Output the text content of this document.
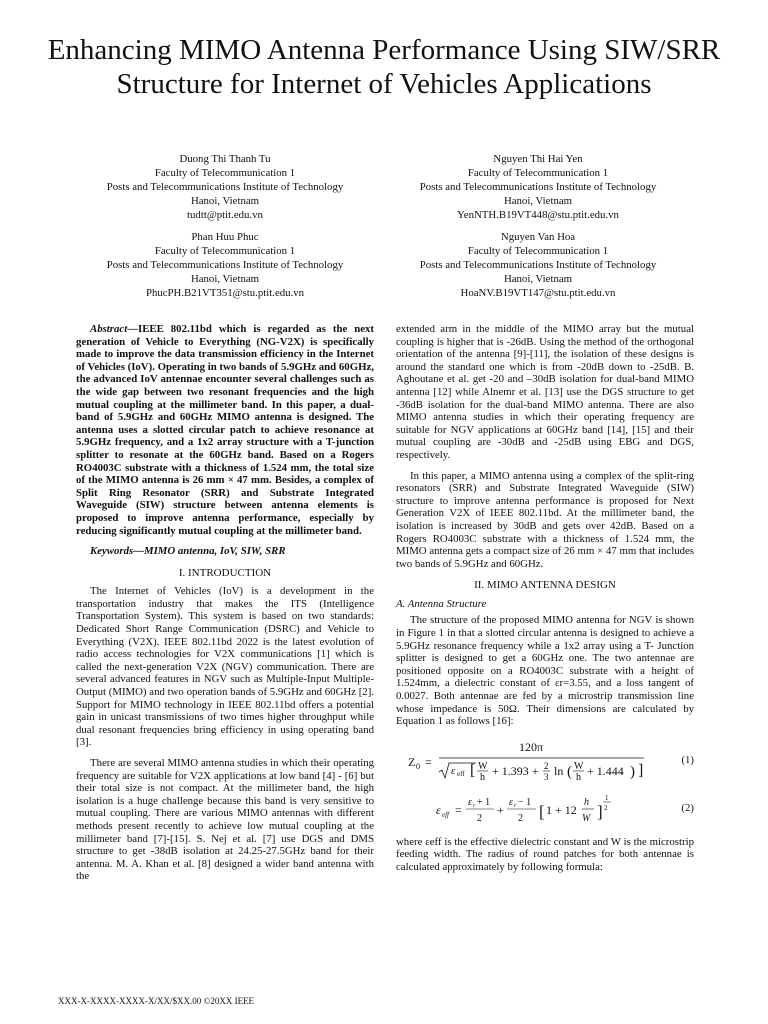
Enhancing MIMO Antenna Performance Using SIW/SRR Structure for Internet of Vehicles Applications
Duong Thi Thanh Tu
Faculty of Telecommunication 1
Posts and Telecommunications Institute of Technology
Hanoi, Vietnam
tudtt@ptit.edu.vn
Nguyen Thi Hai Yen
Faculty of Telecommunication 1
Posts and Telecommunications Institute of Technology
Hanoi, Vietnam
YenNTH.B19VT448@stu.ptit.edu.vn
Phan Huu Phuc
Faculty of Telecommunication 1
Posts and Telecommunications Institute of Technology
Hanoi, Vietnam
PhucPH.B21VT351@stu.ptit.edu.vn
Nguyen Van Hoa
Faculty of Telecommunication 1
Posts and Telecommunications Institute of Technology
Hanoi, Vietnam
HoaNV.B19VT147@stu.ptit.edu.vn

Abstract—IEEE 802.11bd which is regarded as the next generation of Vehicle to Everything (NG-V2X) is specifically made to improve the data transmission efficiency in the Internet of Vehicles (IoV). Operating in two bands of 5.9GHz and 60GHz, the advanced IoV antennae encounter several challenges such as the wide gap between two resonant frequencies and the high mutual coupling at the millimeter band. In this paper, a dual-band of 5.9GHz and 60GHz MIMO antenna is designed. The antenna uses a slotted circular patch to achieve resonance at 5.9GHz frequency, and a 1x2 array structure with a T-junction splitter to resonate at the 60GHz band. Based on a Rogers RO4003C substrate with a thickness of 1.524 mm, the total size of the MIMO antenna is 26 mm × 47 mm. Besides, a complex of Split Ring Resonator (SRR) and Substrate Integrated Waveguide (SIW) structure between antenna elements is proposed to improve antenna performance, especially by reducing significantly mutual coupling at the millimeter band.

Keywords—MIMO antenna, IoV, SIW, SRR

I. INTRODUCTION

The Internet of Vehicles (IoV) is a development in the transportation industry that makes the ITS (Intelligence Transportation System). This system is based on two standards: Dedicated Short Range Communication (DSRC) and Vehicle to Everything (V2X). IEEE 802.11bd 2022 is the latest evolution of radio access technologies for V2X communications [1] which is called the next-generation V2X (NGV) communication. There are several advanced features in NGV such as Multiple-Input Multiple-Output (MIMO) and two operation bands of 5.9GHz and 60GHz [2]. Support for MIMO technology in IEEE 802.11bd offers a potential gain in unicast transmissions of two times higher throughput while dual resonant frequencies bring efficiency in using operating band [3].

There are several MIMO antenna studies in which their operating frequency are suitable for V2X applications at low band [4] - [6] but their total size is not compact. At the millimeter band, the high isolation is a huge challenge because this band is very sensitive to mutual coupling. There are various MIMO antennas with different methods present recently to achieve low mutual coupling at the millimeter band [7]-[15]. S. Nej et al. [7] use DGS and DMS structure to get -38dB isolation at 24.25-27.5GHz band for their antenna. M. A. Khan et al. [8] designed a wider band antenna with the

extended arm in the middle of the MIMO array but the mutual coupling is higher that is -26dB. Using the method of the orthogonal orientation of the antenna [9]-[11], the isolation of these designs is around the standard one which is from -20dB down to -25dB. B. Aghoutane et al. get -20 and –30dB isolation for dual-band MIMO antenna [12] while Alnemr et al. [13] use the DGS structure to get -36dB isolation for the dual-band MIMO antenna. There are also MIMO antenna studies in which their operating frequency are suitable for NGV applications at 60GHz band [14], [15] and their mutual coupling are -30dB and -25dB using EBG and DGS, respectively.

In this paper, a MIMO antenna using a complex of the split-ring resonators (SRR) and Substrate Integrated Waveguide (SIW) structure to improve antenna performance is proposed for Next Generation V2X of IEEE 802.11bd. At the millimeter band, the isolation is increased by 30dB and gets over 42dB. Based on a Rogers RO4003C substrate with a thickness of 1.524 mm, the MIMO antenna gets a compact size of 26 mm × 47 mm that includes two bands of 5.9GHz and 60GHz.

II. MIMO ANTENNA DESIGN
A. Antenna Structure

The structure of the proposed MIMO antenna for NGV is shown in Figure 1 in that a slotted circular antenna is designed to achieve a 5.9GHz resonance frequency while a 1x2 array using a T- Junction splitter is designed to get a 60GHz one. The two antennae are positioned opposite on a RO4003C substrate with a height of 1.524mm, a dielectric constant of εr=3.55, and a loss tangent of 0.0027. Both antennae are fed by a microstrip transmission line whose impedance is 50Ω. Their dimensions are calculated by Equation 1 as follows [16]:

Z 0 =
120π
ε eff [ W
h + 1.393 + 2
3 ln ( W
h + 1.444 ) ]
(1)
ε eff =
ε r + 1
2
+
ε r − 1
2 [ 1 + 12
h
W ]
1
2	(2)

where εeff is the effective dielectric constant and W is the microstrip feeding width. The radius of round patches for both antennae is calculated approximately by following formula:

XXX-X-XXXX-XXXX-X/XX/$XX.00 ©20XX IEEE
